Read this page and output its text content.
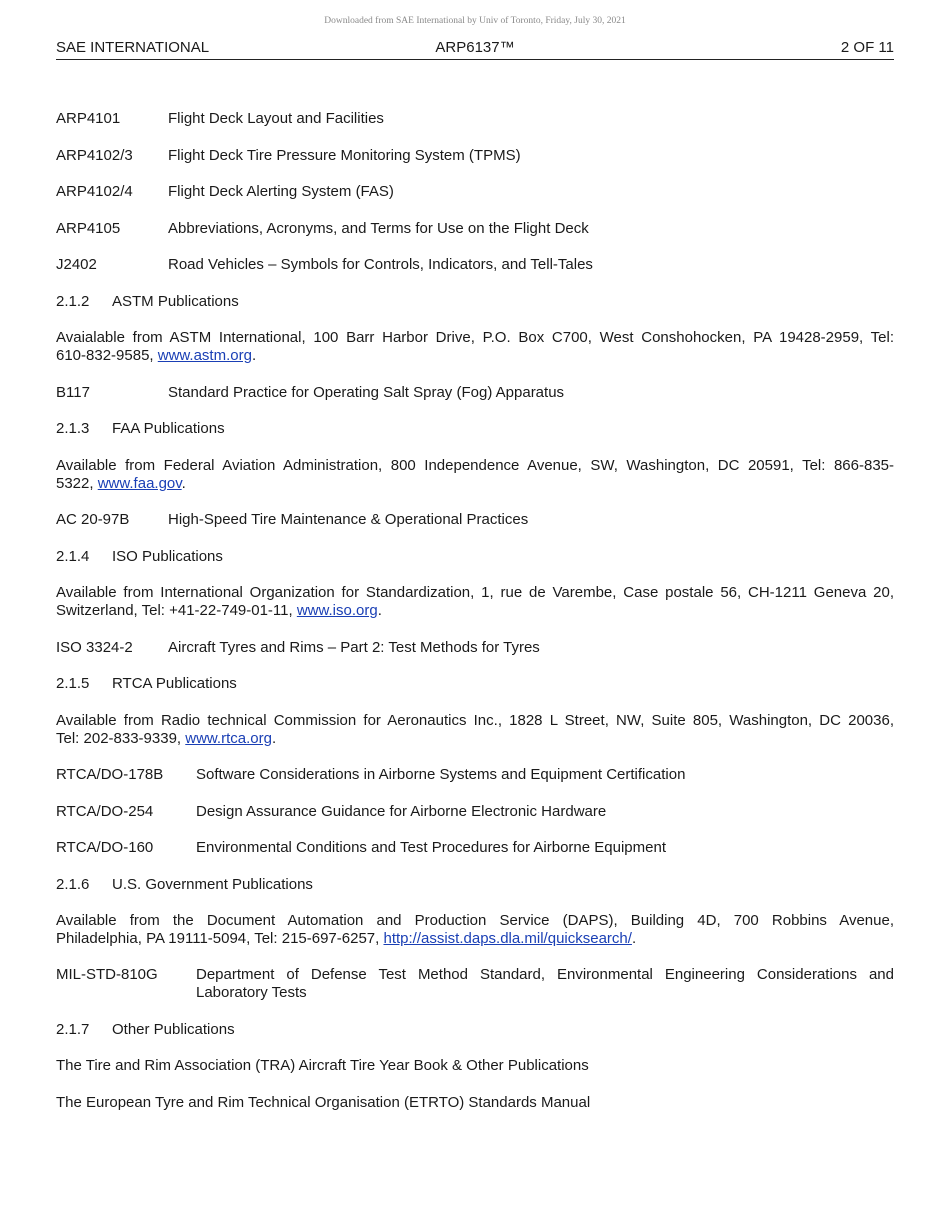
Downloaded from SAE International by Univ of Toronto, Friday, July 30, 2021
SAE INTERNATIONAL	ARP6137™	2 OF 11
ARP4101	Flight Deck Layout and Facilities
ARP4102/3 Flight Deck Tire Pressure Monitoring System (TPMS)
ARP4102/4 Flight Deck Alerting System (FAS)
ARP4105	Abbreviations, Acronyms, and Terms for Use on the Flight Deck
J2402	Road Vehicles – Symbols for Controls, Indicators, and Tell-Tales
2.1.2 ASTM Publications
Avaialable from ASTM International, 100 Barr Harbor Drive, P.O. Box C700, West Conshohocken, PA 19428-2959, Tel:
610-832-9585, www.astm.org.
B117	Standard Practice for Operating Salt Spray (Fog) Apparatus
2.1.3 FAA Publications
Available from Federal Aviation Administration, 800 Independence Avenue, SW, Washington, DC 20591, Tel: 866-835-
5322, www.faa.gov.
AC 20-97B	High-Speed Tire Maintenance & Operational Practices
2.1.4 ISO Publications
Available from International Organization for Standardization, 1, rue de Varembe, Case postale 56, CH-1211 Geneva 20,
Switzerland, Tel: +41-22-749-01-11, www.iso.org.
ISO 3324-2 Aircraft Tyres and Rims – Part 2: Test Methods for Tyres
2.1.5 RTCA Publications
Available from Radio technical Commission for Aeronautics Inc., 1828 L Street, NW, Suite 805, Washington, DC 20036,
Tel: 202-833-9339, www.rtca.org.
RTCA/DO-178B Software Considerations in Airborne Systems and Equipment Certification
RTCA/DO-254	Design Assurance Guidance for Airborne Electronic Hardware
RTCA/DO-160	Environmental Conditions and Test Procedures for Airborne Equipment
2.1.6 U.S. Government Publications
Available from the Document Automation and Production Service (DAPS), Building 4D, 700 Robbins Avenue,
Philadelphia, PA 19111-5094, Tel: 215-697-6257, http://assist.daps.dla.mil/quicksearch/.
MIL-STD-810G	Department of Defense Test Method Standard, Environmental Engineering Considerations and
Laboratory Tests
2.1.7 Other Publications
The Tire and Rim Association (TRA) Aircraft Tire Year Book & Other Publications
The European Tyre and Rim Technical Organisation (ETRTO) Standards Manual
